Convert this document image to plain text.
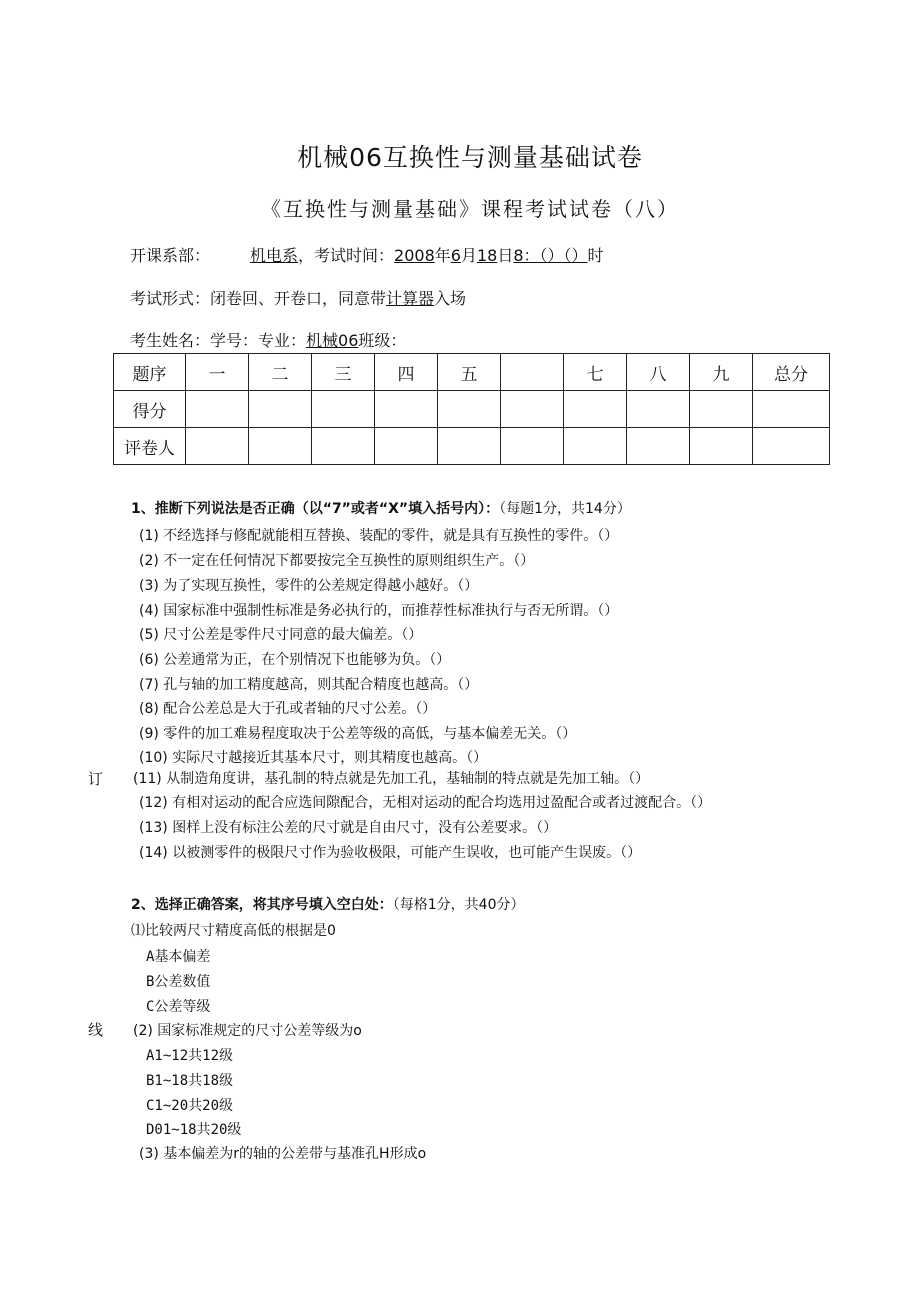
机械06互换性与测量基础试卷
《互换性与测量基础》课程考试试卷（八）
开课系部：	机电系，考试时间：2008年6月18日8：（）（）时
考试形式：闭卷回、开卷口，同意带计算器入场
考生姓名：学号：专业：机械06班级：
题序	一	二	三	四	五		七	八	九	总分
得分										
评卷人										
1、推断下列说法是否正确（以“7”或者“X”填入括号内）：（每题1分，共14分）
(1) 不经选择与修配就能相互替换、装配的零件，就是具有互换性的零件。（）
(2) 不一定在任何情况下都要按完全互换性的原则组织生产。（）
(3) 为了实现互换性，零件的公差规定得越小越好。（）
(4) 国家标准中强制性标准是务必执行的，而推荐性标准执行与否无所谓。（）
(5) 尺寸公差是零件尺寸同意的最大偏差。（）
(6) 公差通常为正，在个别情况下也能够为负。（）
(7) 孔与轴的加工精度越高，则其配合精度也越高。（）
(8) 配合公差总是大于孔或者轴的尺寸公差。（）
(9) 零件的加工难易程度取决于公差等级的高低，与基本偏差无关。（）
(10) 实际尺寸越接近其基本尺寸，则其精度也越高。（）
(11) 从制造角度讲，基孔制的特点就是先加工孔，基轴制的特点就是先加工轴。（）
(12) 有相对运动的配合应选间隙配合，无相对运动的配合均选用过盈配合或者过渡配合。（）
(13) 图样上没有标注公差的尺寸就是自由尺寸，没有公差要求。（）
(14) 以被测零件的极限尺寸作为验收极限，可能产生误收，也可能产生误废。（）
订
2、选择正确答案，将其序号填入空白处：（每格1分，共40分）
⑴比较两尺寸精度高低的根据是0
A基本偏差
B公差数值
C公差等级
线 (2) 国家标准规定的尺寸公差等级为o
A1~12共12级
B1~18共18级
C1~20共20级
D01~18共20级
(3) 基本偏差为r的轴的公差带与基准孔H形成o
